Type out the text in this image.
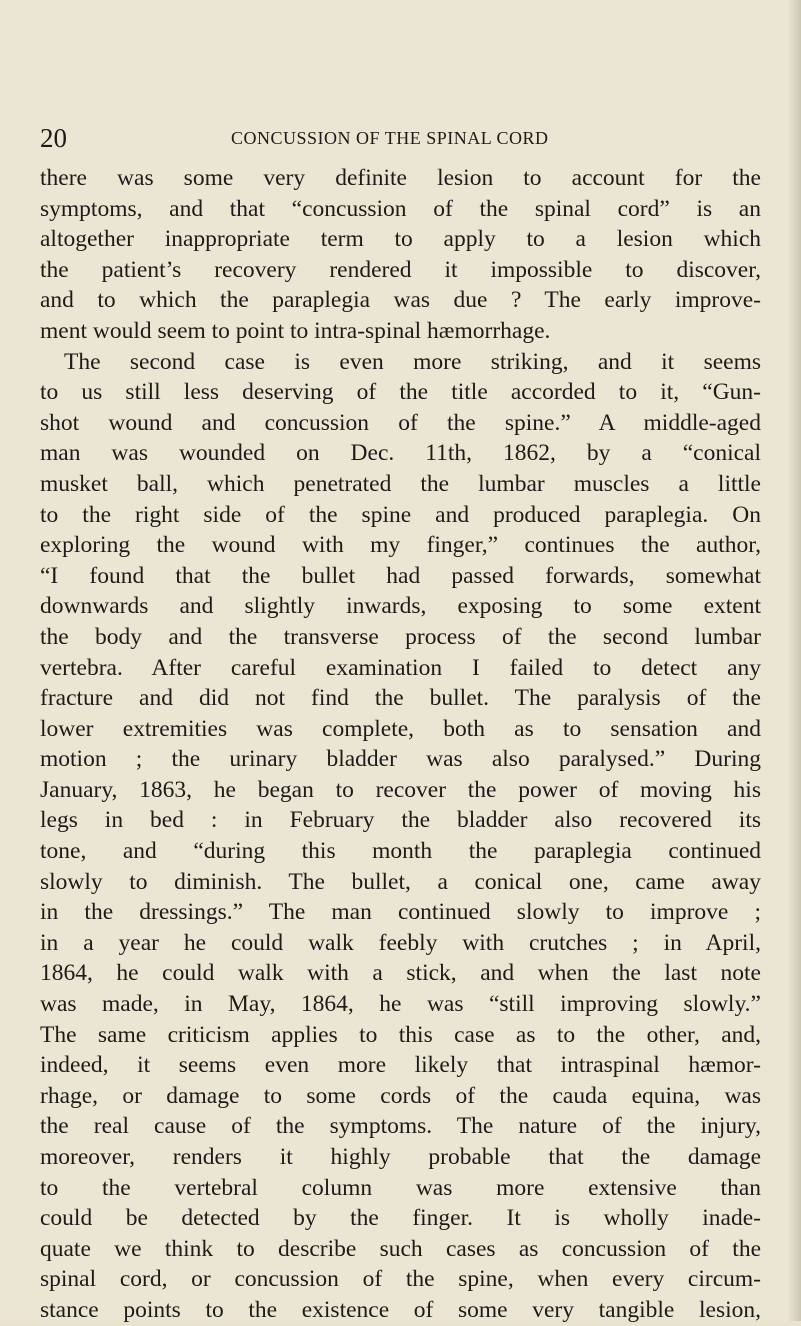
20	CONCUSSION OF THE SPINAL CORD
there was some very definite lesion to account for the
symptoms, and that “concussion of the spinal cord” is an
altogether inappropriate term to apply to a lesion which
the patient’s recovery rendered it impossible to discover,
and to which the paraplegia was due ? The early improve-
ment would seem to point to intra-spinal hæmorrhage.
The second case is even more striking, and it seems
to us still less deserving of the title accorded to it, “Gun-
shot wound and concussion of the spine.” A middle-aged
man was wounded on Dec. 11th, 1862, by a “conical
musket ball, which penetrated the lumbar muscles a little
to the right side of the spine and produced paraplegia. On
exploring the wound with my finger,” continues the author,
“I found that the bullet had passed forwards, somewhat
downwards and slightly inwards, exposing to some extent
the body and the transverse process of the second lumbar
vertebra. After careful examination I failed to detect any
fracture and did not find the bullet. The paralysis of the
lower extremities was complete, both as to sensation and
motion ; the urinary bladder was also paralysed.” During
January, 1863, he began to recover the power of moving his
legs in bed : in February the bladder also recovered its
tone, and “during this month the paraplegia continued
slowly to diminish. The bullet, a conical one, came away
in the dressings.” The man continued slowly to improve ;
in a year he could walk feebly with crutches ; in April,
1864, he could walk with a stick, and when the last note
was made, in May, 1864, he was “still improving slowly.”
The same criticism applies to this case as to the other, and,
indeed, it seems even more likely that intraspinal hæmor-
rhage, or damage to some cords of the cauda equina, was
the real cause of the symptoms. The nature of the injury,
moreover, renders it highly probable that the damage
to the vertebral column was more extensive than
could be detected by the finger. It is wholly inade-
quate we think to describe such cases as concussion of the
spinal cord, or concussion of the spine, when every circum-
stance points to the existence of some very tangible lesion,
